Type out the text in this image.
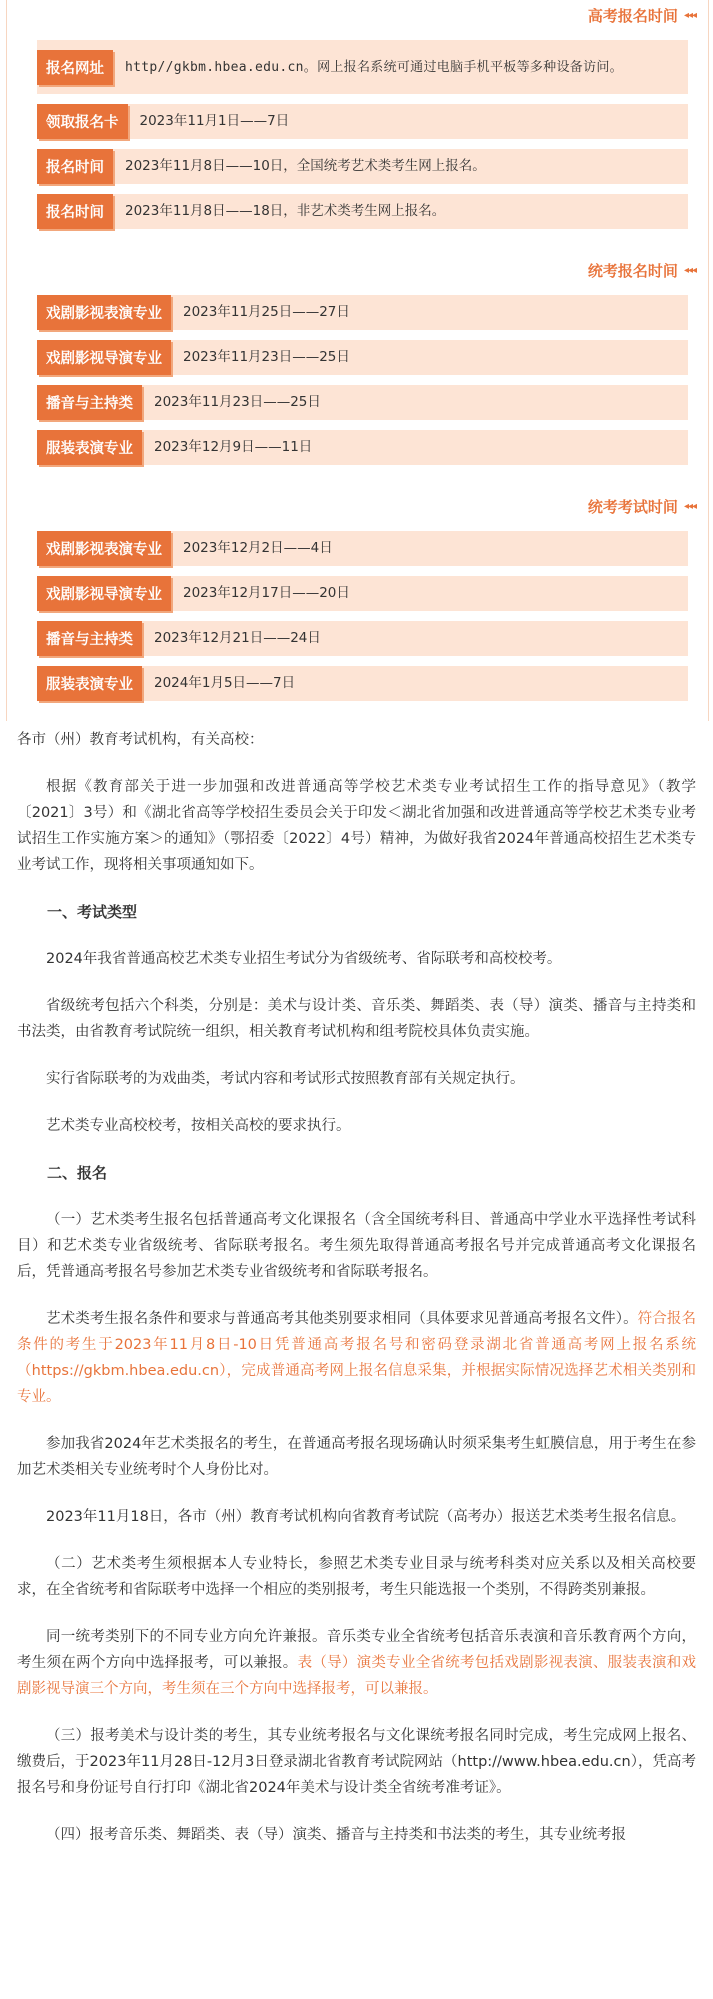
高考报名时间 ◂◂◂
报名网址	http//gkbm.hbea.edu.cn。网上报名系统可通过电脑手机平板等多种设备访问。
领取报名卡	2023年11月1日——7日
报名时间	2023年11月8日——10日，全国统考艺术类考生网上报名。
报名时间	2023年11月8日——18日，非艺术类考生网上报名。
统考报名时间 ◂◂◂
戏剧影视表演专业	2023年11月25日——27日
戏剧影视导演专业	2023年11月23日——25日
播音与主持类	2023年11月23日——25日
服装表演专业	2023年12月9日——11日
统考考试时间 ◂◂◂
戏剧影视表演专业	2023年12月2日——4日
戏剧影视导演专业	2023年12月17日——20日
播音与主持类	2023年12月21日——24日
服装表演专业	2024年1月5日——7日

各市（州）教育考试机构，有关高校：

根据《教育部关于进一步加强和改进普通高等学校艺术类专业考试招生工作的指导意见》（教学〔2021〕3号）和《湖北省高等学校招生委员会关于印发＜湖北省加强和改进普通高等学校艺术类专业考试招生工作实施方案＞的通知》（鄂招委〔2022〕4号）精神，为做好我省2024年普通高校招生艺术类专业考试工作，现将相关事项通知如下。

一、考试类型

2024年我省普通高校艺术类专业招生考试分为省级统考、省际联考和高校校考。

省级统考包括六个科类，分别是：美术与设计类、音乐类、舞蹈类、表（导）演类、播音与主持类和书法类，由省教育考试院统一组织，相关教育考试机构和组考院校具体负责实施。

实行省际联考的为戏曲类，考试内容和考试形式按照教育部有关规定执行。

艺术类专业高校校考，按相关高校的要求执行。

二、报名

（一）艺术类考生报名包括普通高考文化课报名（含全国统考科目、普通高中学业水平选择性考试科目）和艺术类专业省级统考、省际联考报名。考生须先取得普通高考报名号并完成普通高考文化课报名后，凭普通高考报名号参加艺术类专业省级统考和省际联考报名。

艺术类考生报名条件和要求与普通高考其他类别要求相同（具体要求见普通高考报名文件）。符合报名条件的考生于2023年11月8日-10日凭普通高考报名号和密码登录湖北省普通高考网上报名系统（https://gkbm.hbea.edu.cn），完成普通高考网上报名信息采集，并根据实际情况选择艺术相关类别和专业。

参加我省2024年艺术类报名的考生，在普通高考报名现场确认时须采集考生虹膜信息，用于考生在参加艺术类相关专业统考时个人身份比对。

2023年11月18日，各市（州）教育考试机构向省教育考试院（高考办）报送艺术类考生报名信息。

（二）艺术类考生须根据本人专业特长，参照艺术类专业目录与统考科类对应关系以及相关高校要求，在全省统考和省际联考中选择一个相应的类别报考，考生只能选报一个类别，不得跨类别兼报。

同一统考类别下的不同专业方向允许兼报。音乐类专业全省统考包括音乐表演和音乐教育两个方向，考生须在两个方向中选择报考，可以兼报。表（导）演类专业全省统考包括戏剧影视表演、服装表演和戏剧影视导演三个方向，考生须在三个方向中选择报考，可以兼报。

（三）报考美术与设计类的考生，其专业统考报名与文化课统考报名同时完成，考生完成网上报名、缴费后，于2023年11月28日-12月3日登录湖北省教育考试院网站（http://www.hbea.edu.cn），凭高考报名号和身份证号自行打印《湖北省2024年美术与设计类全省统考准考证》。

（四）报考音乐类、舞蹈类、表（导）演类、播音与主持类和书法类的考生，其专业统考报
